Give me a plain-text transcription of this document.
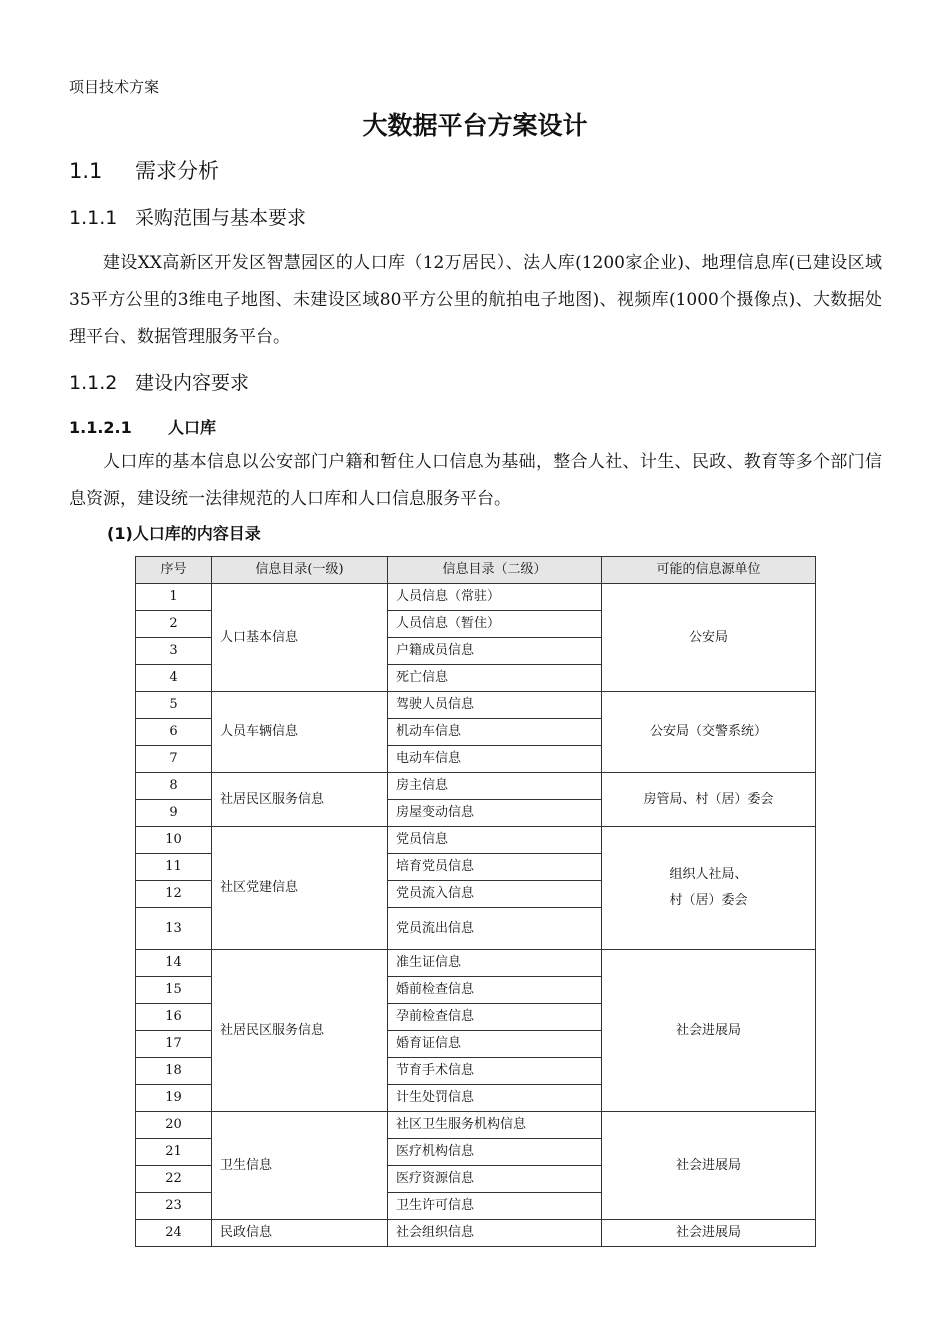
项目技术方案
大数据平台方案设计
1.1 需求分析
1.1.1 采购范围与基本要求
建设XX高新区开发区智慧园区的人口库（12万居民）、法人库(1200家企业)、地理信息库(已建设区域35平方公里的3维电子地图、未建设区域80平方公里的航拍电子地图)、视频库(1000个摄像点)、大数据处理平台、数据管理服务平台。
1.1.2 建设内容要求
1.1.2.1 人口库
人口库的基本信息以公安部门户籍和暂住人口信息为基础，整合人社、计生、民政、教育等多个部门信息资源，建设统一法律规范的人口库和人口信息服务平台。
(1)人口库的内容目录
序号	信息目录(一级)	信息目录（二级）	可能的信息源单位
1	人口基本信息	人员信息（常驻）	公安局
2		人员信息（暂住）	
3		户籍成员信息	
4		死亡信息	
5	人员车辆信息	驾驶人员信息	公安局（交警系统）
6		机动车信息	
7		电动车信息	
8	社居民区服务信息	房主信息	房管局、村（居）委会
9		房屋变动信息	
10	社区党建信息	党员信息	组织人社局、
村（居）委会
11		培育党员信息	
12		党员流入信息	
13		党员流出信息	
14	社居民区服务信息	准生证信息	社会进展局
15		婚前检查信息	
16		孕前检查信息	
17		婚育证信息	
18		节育手术信息	
19		计生处罚信息	
20	卫生信息	社区卫生服务机构信息	社会进展局
21		医疗机构信息	
22		医疗资源信息	
23		卫生许可信息	
24	民政信息	社会组织信息	社会进展局
